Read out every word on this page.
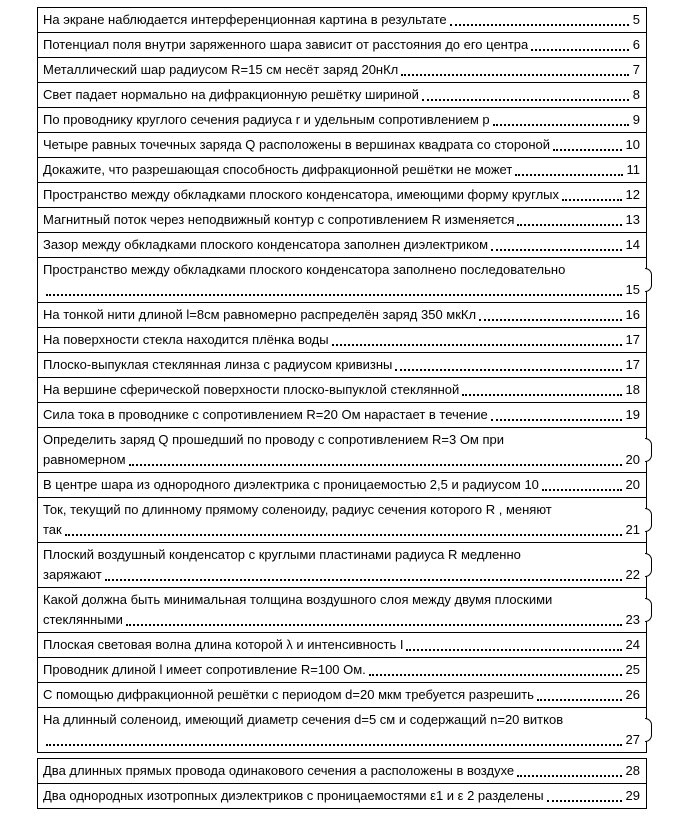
На экране наблюдается интерференционная картина в результате	5
Потенциал поля внутри заряженного шара зависит от расстояния до его центра	6
Металлический шар радиусом R=15 см несёт заряд 20нКл	7
Свет падает нормально на дифракционную решётку шириной	8
По проводнику круглого сечения радиуса r и удельным сопротивлением р	9
Четыре равных точечных заряда Q расположены в вершинах квадрата со стороной	10
Докажите, что разрешающая способность дифракционной решётки не может	11
Пространство между обкладками плоского конденсатора, имеющими форму круглых	12
Магнитный поток через неподвижный контур с сопротивлением R изменяется	13
Зазор между обкладками плоского конденсатора заполнен диэлектриком	14
Пространство между обкладками плоского конденсатора заполнено последовательно
15
На тонкой нити длиной l=8см равномерно распределён заряд 350 мкКл	16
На поверхности стекла находится плёнка воды	17
Плоско-выпуклая стеклянная линза с радиусом кривизны	17
На вершине сферической поверхности плоско-выпуклой стеклянной	18
Сила тока в проводнике с сопротивлением R=20 Ом нарастает в течение	19
Определить заряд Q прошедший по проводу с сопротивлением R=3 Ом при
равномерном	20
В центре шара из однородного диэлектрика с проницаемостью 2,5 и радиусом 10	20
Ток, текущий по длинному прямому соленоиду, радиус сечения которого R , меняют
так	21
Плоский воздушный конденсатор с круглыми пластинами радиуса R медленно
заряжают	22
Какой должна быть минимальная толщина воздушного слоя между двумя плоскими
стеклянными	23
Плоская световая волна длина которой λ и интенсивность I	24
Проводник длиной l имеет сопротивление R=100 Ом.	25
С помощью дифракционной решётки с периодом d=20 мкм требуется разрешить	26
На длинный соленоид, имеющий диаметр сечения d=5 см и содержащий n=20 витков
27
Два длинных прямых провода одинакового сечения а расположены в воздухе	28
Два однородных изотропных диэлектриков с проницаемостями ε1 и ε 2 разделены	29
